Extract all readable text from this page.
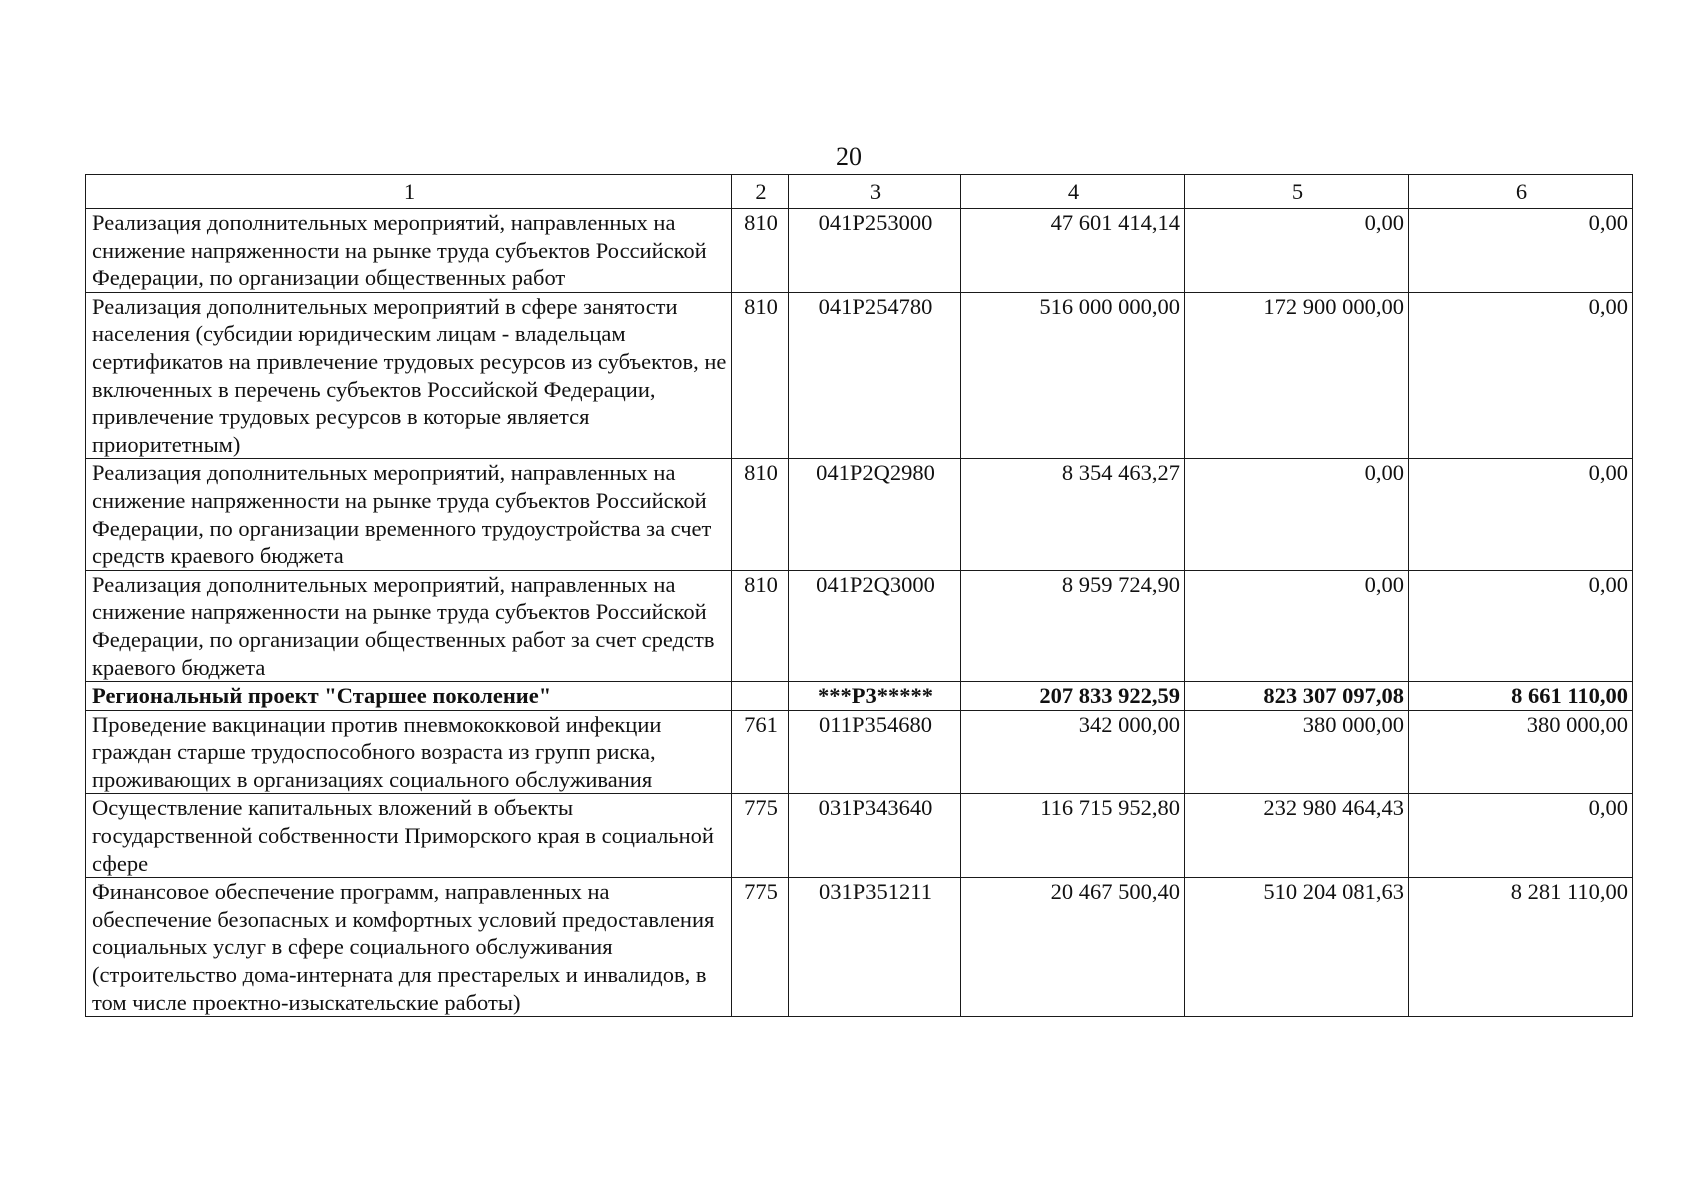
20
1	2	3	4	5	6
Реализация дополнительных мероприятий, направленных на снижение напряженности на рынке труда субъектов Российской Федерации, по организации общественных работ	810	041P253000	47 601 414,14	0,00	0,00
Реализация дополнительных мероприятий в сфере занятости населения (субсидии юридическим лицам - владельцам сертификатов на привлечение трудовых ресурсов из субъектов, не включенных в перечень субъектов Российской Федерации, привлечение трудовых ресурсов в которые является приоритетным)	810	041P254780	516 000 000,00	172 900 000,00	0,00
Реализация дополнительных мероприятий, направленных на снижение напряженности на рынке труда субъектов Российской Федерации, по организации временного трудоустройства за счет средств краевого бюджета	810	041P2Q2980	8 354 463,27	0,00	0,00
Реализация дополнительных мероприятий, направленных на снижение напряженности на рынке труда субъектов Российской Федерации, по организации общественных работ за счет средств краевого бюджета	810	041P2Q3000	8 959 724,90	0,00	0,00
Региональный проект "Старшее поколение"		***P3*****	207 833 922,59	823 307 097,08	8 661 110,00
Проведение вакцинации против пневмококковой инфекции граждан старше трудоспособного возраста из групп риска, проживающих в организациях социального обслуживания	761	011P354680	342 000,00	380 000,00	380 000,00
Осуществление капитальных вложений в объекты государственной собственности Приморского края в социальной сфере	775	031P343640	116 715 952,80	232 980 464,43	0,00
Финансовое обеспечение программ, направленных на обеспечение безопасных и комфортных условий предоставления социальных услуг в сфере социального обслуживания (строительство дома-интерната для престарелых и инвалидов, в том числе проектно-изыскательские работы)	775	031P351211	20 467 500,40	510 204 081,63	8 281 110,00
